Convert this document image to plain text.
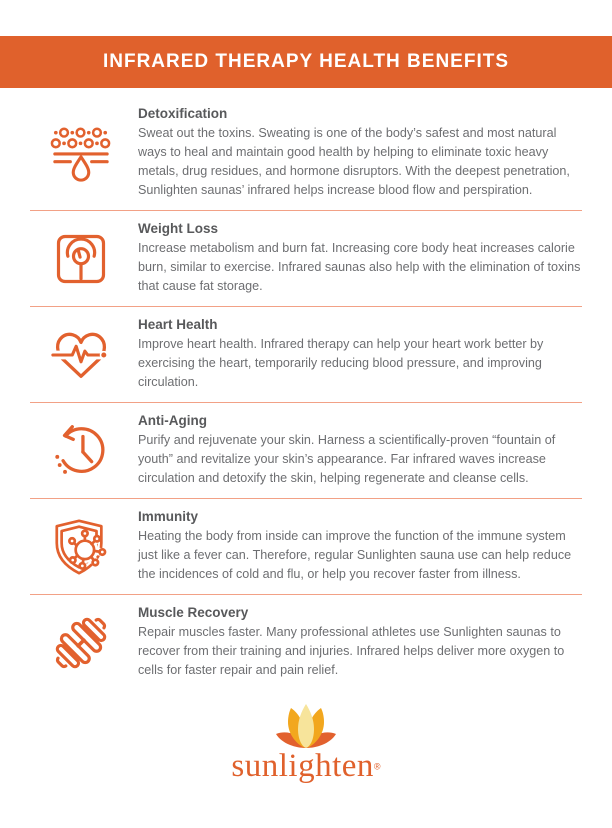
INFRARED THERAPY HEALTH BENEFITS

Detoxification

Sweat out the toxins. Sweating is one of the body’s safest and most natural ways to heal and maintain good health by helping to eliminate toxic heavy metals, drug residues, and hormone disruptors. With the deepest penetration, Sunlighten saunas’ infrared helps increase blood flow and perspiration.

Weight Loss

Increase metabolism and burn fat. Increasing core body heat increases calorie burn, similar to exercise. Infrared saunas also help with the elimination of toxins that cause fat storage.

Heart Health

Improve heart health. Infrared therapy can help your heart work better by exercising the heart, temporarily reducing blood pressure, and improving circulation.

Anti-Aging

Purify and rejuvenate your skin. Harness a scientifically-proven “fountain of youth” and revitalize your skin’s appearance. Far infrared waves increase circulation and detoxify the skin, helping regenerate and cleanse cells.

Immunity

Heating the body from inside can improve the function of the immune system just like a fever can. Therefore, regular Sunlighten sauna use can help reduce the incidences of cold and flu, or help you recover faster from illness.

Muscle Recovery

Repair muscles faster. Many professional athletes use Sunlighten saunas to recover from their training and injuries. Infrared helps deliver more oxygen to cells for faster repair and pain relief.

sunlighten®
